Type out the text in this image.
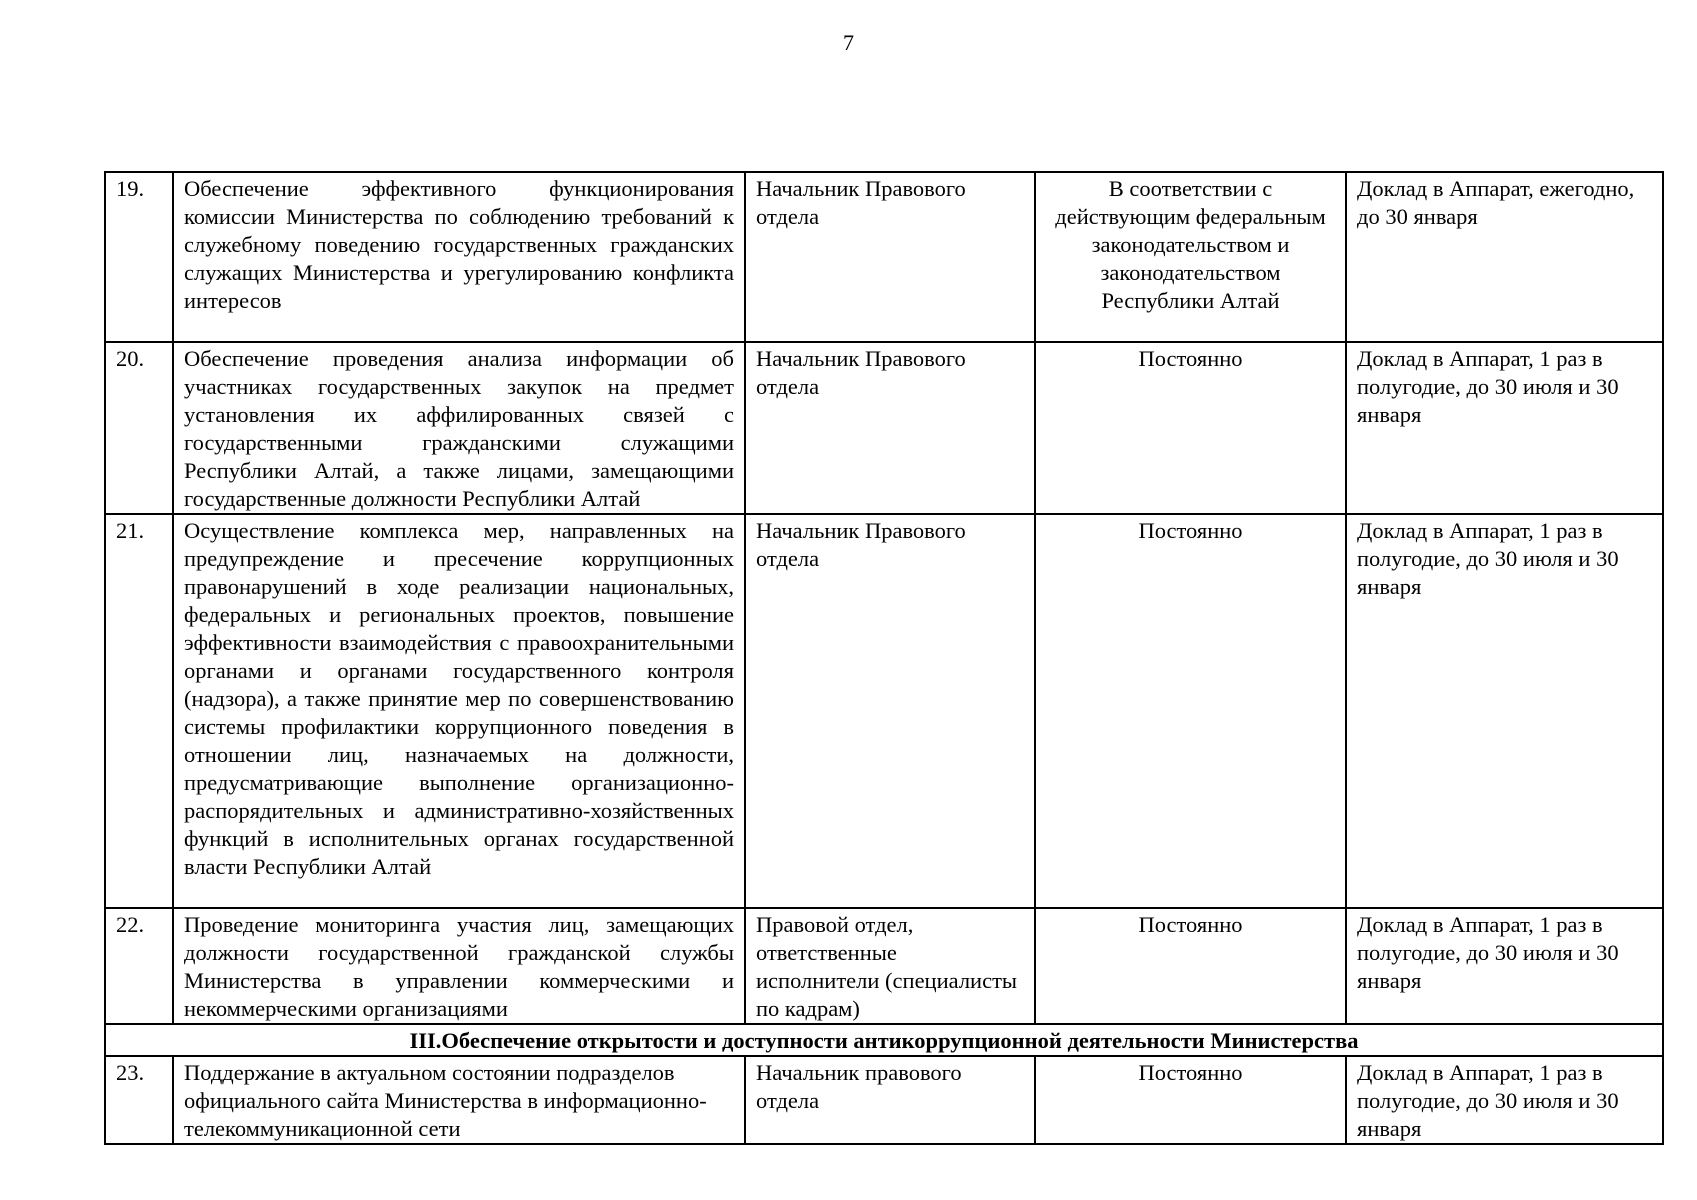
7
19.	Обеспечение эффективного функционирования комиссии Министерства по соблюдению требований к служебному поведению государственных гражданских служащих Министерства и урегулированию конфликта интересов	Начальник Правового отдела	В соответствии с действующим федеральным законодательством и законодательством Республики Алтай	Доклад в Аппарат, ежегодно, до 30 января
20.	Обеспечение проведения анализа информации об участниках государственных закупок на предмет установления их аффилированных связей с государственными гражданскими служащими Республики Алтай, а также лицами, замещающими государственные должности Республики Алтай	Начальник Правового отдела	Постоянно	Доклад в Аппарат, 1 раз в полугодие, до 30 июля и 30 января
21.	Осуществление комплекса мер, направленных на предупреждение и пресечение коррупционных правонарушений в ходе реализации национальных, федеральных и региональных проектов, повышение эффективности взаимодействия с правоохранительными органами и органами государственного контроля (надзора), а также принятие мер по совершенствованию системы профилактики коррупционного поведения в отношении лиц, назначаемых на должности, предусматривающие выполнение организационно-распорядительных и административно-хозяйственных функций в исполнительных органах государственной власти Республики Алтай	Начальник Правового отдела	Постоянно	Доклад в Аппарат, 1 раз в полугодие, до 30 июля и 30 января
22.	Проведение мониторинга участия лиц, замещающих должности государственной гражданской службы Министерства в управлении коммерческими и некоммерческими организациями	Правовой отдел, ответственные исполнители (специалисты по кадрам)	Постоянно	Доклад в Аппарат, 1 раз в полугодие, до 30 июля и 30 января
III.Обеспечение открытости и доступности антикоррупционной деятельности Министерства				
23.	Поддержание в актуальном состоянии подразделов официального сайта Министерства в информационно-телекоммуникационной сети	Начальник правового отдела	Постоянно	Доклад в Аппарат, 1 раз в полугодие, до 30 июля и 30 января
